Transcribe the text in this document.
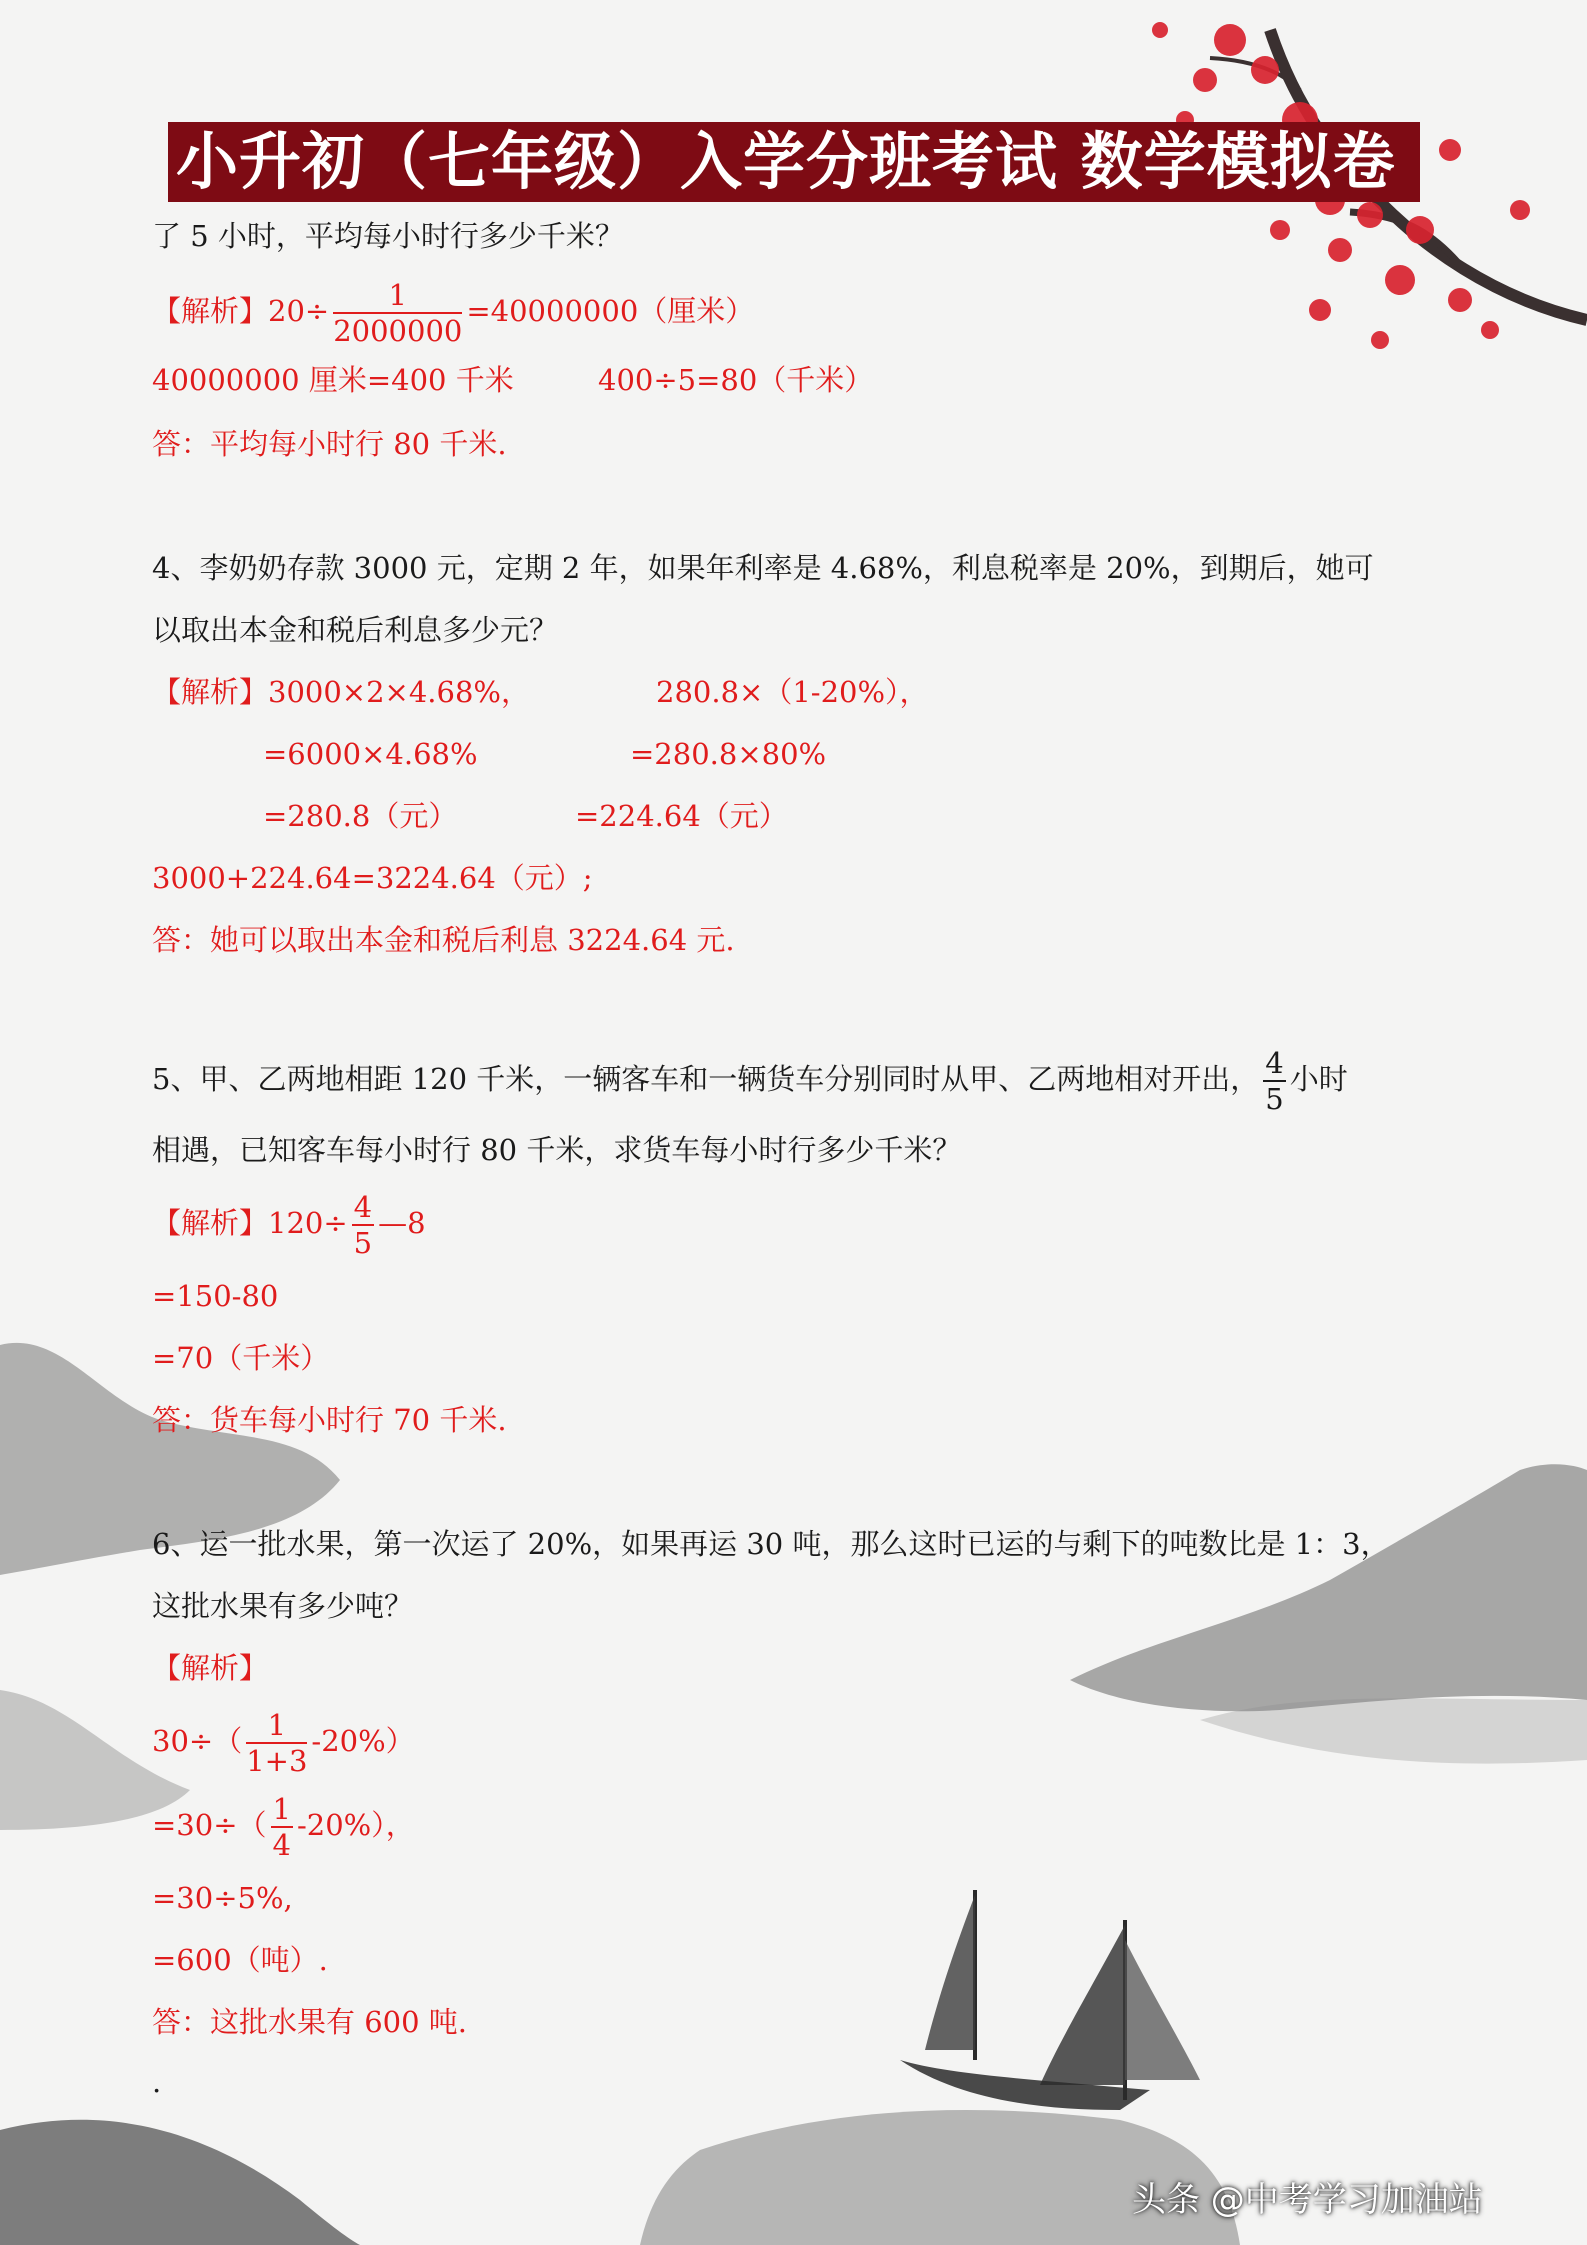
小升初（七年级）入学分班考试 数学模拟卷
了 5 小时，平均每小时行多少千米？
【解析】$20\div \frac{1}{2000000} =40000000$（厘米）
40000000 厘米=400 千米	400÷5=80（千米）
答：平均每小时行 80 千米.
4、李奶奶存款 3000 元，定期 2 年，如果年利率是 4.68%，利息税率是 20%，到期后，她可
以取出本金和税后利息多少元？
【解析】3000×2×4.68%，	280.8×（1-20%），
=6000×4.68%	=280.8×80%
=280.8（元）	=224.64（元）
3000+224.64=3224.64（元）;
答：她可以取出本金和税后利息 3224.64 元.
5、甲、乙两地相距 120 千米，一辆客车和一辆货车分别同时从甲、乙两地相对开出， $\frac{4}{5}$ 小时
相遇，已知客车每小时行 80 千米，求货车每小时行多少千米？
【解析】$120\div \frac{4}{5}$ —8
=150-80
=70（千米）
答：货车每小时行 70 千米.
6、运一批水果，第一次运了 20%，如果再运 30 吨，那么这时已运的与剩下的吨数比是 1：3，
这批水果有多少吨？
【解析】
$30\div( \frac{1}{1+3} -20\%)$
$=30\div( \frac{1}{4} -20\%)$，
=30÷5%,
=600（吨）.
答：这批水果有 600 吨.
.
头条 @中考学习加油站
